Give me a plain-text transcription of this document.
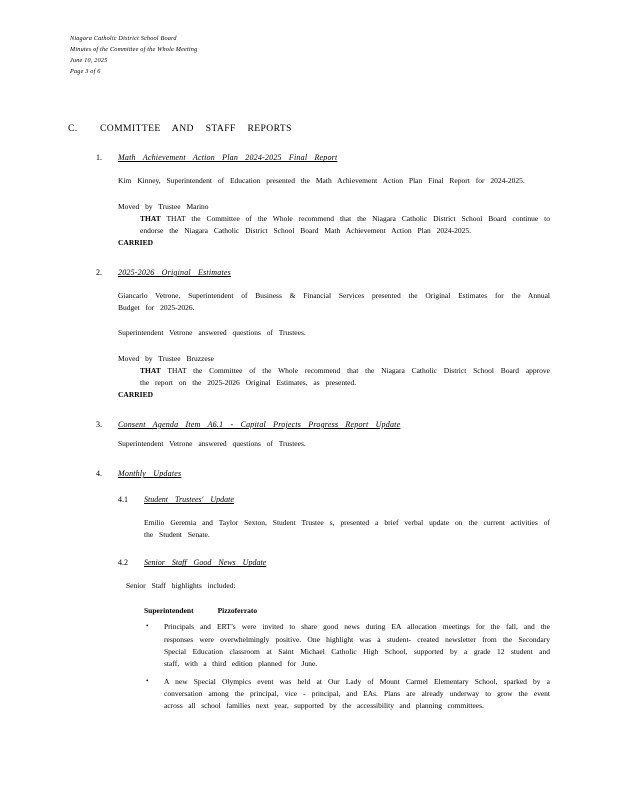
Niagara Catholic District School Board
Minutes of the Committee of the Whole Meeting
June 10, 2025
Page 3 of 6
C.	COMMITTEE AND STAFF REPORTS
1.	Math Achievement Action Plan 2024-2025 Final Report
Kim Kinney, Superintendent of Education presented the Math Achievement Action Plan Final Report for 2024-2025.
Moved by Trustee Marino
THAT THAT the Committee of the Whole recommend that the Niagara Catholic District School Board continue to endorse the Niagara Catholic District School Board Math Achievement Action Plan 2024-2025.
CARRIED
2.	2025-2026 Original Estimates
Giancarlo Vetrone, Superintendent of Business & Financial Services presented the Original Estimates for the Annual Budget for 2025-2026.
Superintendent Vetrone answered questions of Trustees.
Moved by Trustee Bruzzese
THAT THAT the Committee of the Whole recommend that the Niagara Catholic District School Board approve the report on the 2025-2026 Original Estimates, as presented.
CARRIED
3.	Consent Agenda Item A6.1 - Capital Projects Progress Report Update
Superintendent Vetrone answered questions of Trustees.
4.	Monthly Updates
4.1	Student Trustees' Update
Emilio Geremia and Taylor Sexton, Student Trustee s, presented a brief verbal update on the current activities of the Student Senate.
4.2	Senior Staff Good News Update
Senior Staff highlights included:
Superintendent	Pizzoferrato
• Principals and ERT’s were invited to share good news during EA allocation meetings for the fall, and the responses were overwhelmingly positive. One highlight was a student- created newsletter from the Secondary Special Education classroom at Saint Michael Catholic High School, supported by a grade 12 student and staff, with a third edition planned for June.
• A new Special Olympics event was held at Our Lady of Mount Carmel Elementary School, sparked by a conversation among the principal, vice - principal, and EAs. Plans are already underway to grow the event across all school families next year, supported by the accessibility and planning committees.
